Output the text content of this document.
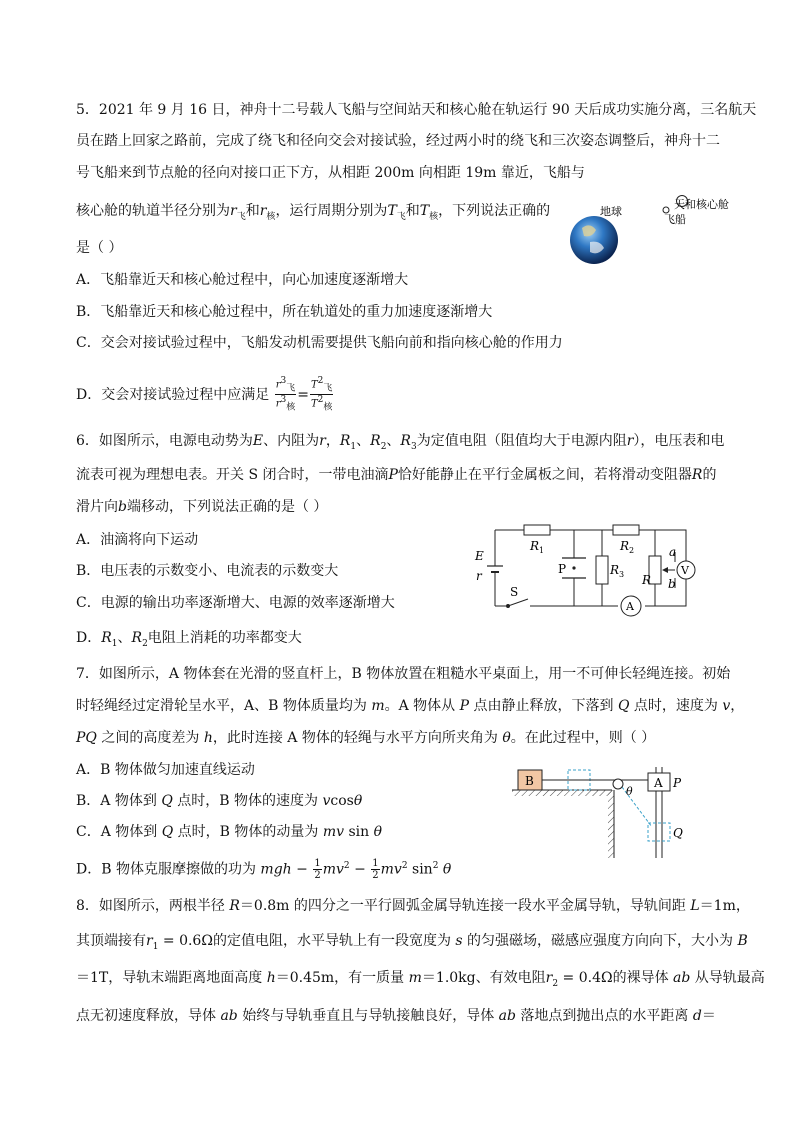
5．2021 年 9 月 16 日，神舟十二号载人飞船与空间站天和核心舱在轨运行 90 天后成功实施分离，三名航天
员在踏上回家之路前，完成了绕飞和径向交会对接试验，经过两小时的绕飞和三次姿态调整后，神舟十二
号飞船来到节点舱的径向对接口正下方，从相距 200m 向相距 19m 靠近，飞船与
核心舱的轨道半径分别为$r_飞$和$r_核$，运行周期分别为$T_飞$和$T_核$，下列说法正确的
是（ ）
地球
天和核心舱
飞船
A．飞船靠近天和核心舱过程中，向心加速度逐渐增大
B．飞船靠近天和核心舱过程中，所在轨道处的重力加速度逐渐增大
C．交会对接试验过程中，飞船发动机需要提供飞船向前和指向核心舱的作用力
D．交会对接试验过程中应满足 $\frac{r^3_飞}{r^3_核} = \frac{T^2_飞}{T^2_核}$
6．如图所示，电源电动势为E、内阻为r，$R_1$、$R_2$、$R_3$为定值电阻（阻值均大于电源内阻r），电压表和电
流表可视为理想电表。开关 S 闭合时，一带电油滴P恰好能静止在平行金属板之间，若将滑动变阻器R的
滑片向b端移动，下列说法正确的是（ ）
A．油滴将向下运动
B．电压表的示数变小、电流表的示数变大
C．电源的输出功率逐渐增大、电源的效率逐渐增大
D．$R_1$、$R_2$电阻上消耗的功率都变大
E
r
R 1	R 2
R 3 R
P
a
b
V
A
S
7．如图所示，A 物体套在光滑的竖直杆上，B 物体放置在粗糙水平桌面上，用一不可伸长轻绳连接。初始
时轻绳经过定滑轮呈水平，A、B 物体质量均为 m。A 物体从 P 点由静止释放，下落到 Q 点时，速度为 v，
PQ 之间的高度差为 h，此时连接 A 物体的轻绳与水平方向所夹角为 θ。在此过程中，则（ ）
A．B 物体做匀加速直线运动
B．A 物体到 Q 点时，B 物体的速度为 vcosθ
C．A 物体到 Q 点时，B 物体的动量为 mv sin θ
D．B 物体克服摩擦做的功为 mgh − $\frac{1}{2} mv^2 - \frac{1}{2} mv^2$ $\sin^2 \theta$
B
θ
A P
Q
8．如图所示，两根半径 R＝0.8m 的四分之一平行圆弧金属导轨连接一段水平金属导轨，导轨间距 L＝1m，
其顶端接有$r_1 = 0.6\Omega$的定值电阻，水平导轨上有一段宽度为 s 的匀强磁场，磁感应强度方向向下，大小为 B
＝1T，导轨末端距离地面高度 h＝0.45m，有一质量 m＝1.0kg、有效电阻$r_2 = 0.4\Omega$的裸导体 ab 从导轨最高
点无初速度释放，导体 ab 始终与导轨垂直且与导轨接触良好，导体 ab 落地点到抛出点的水平距离 d＝
